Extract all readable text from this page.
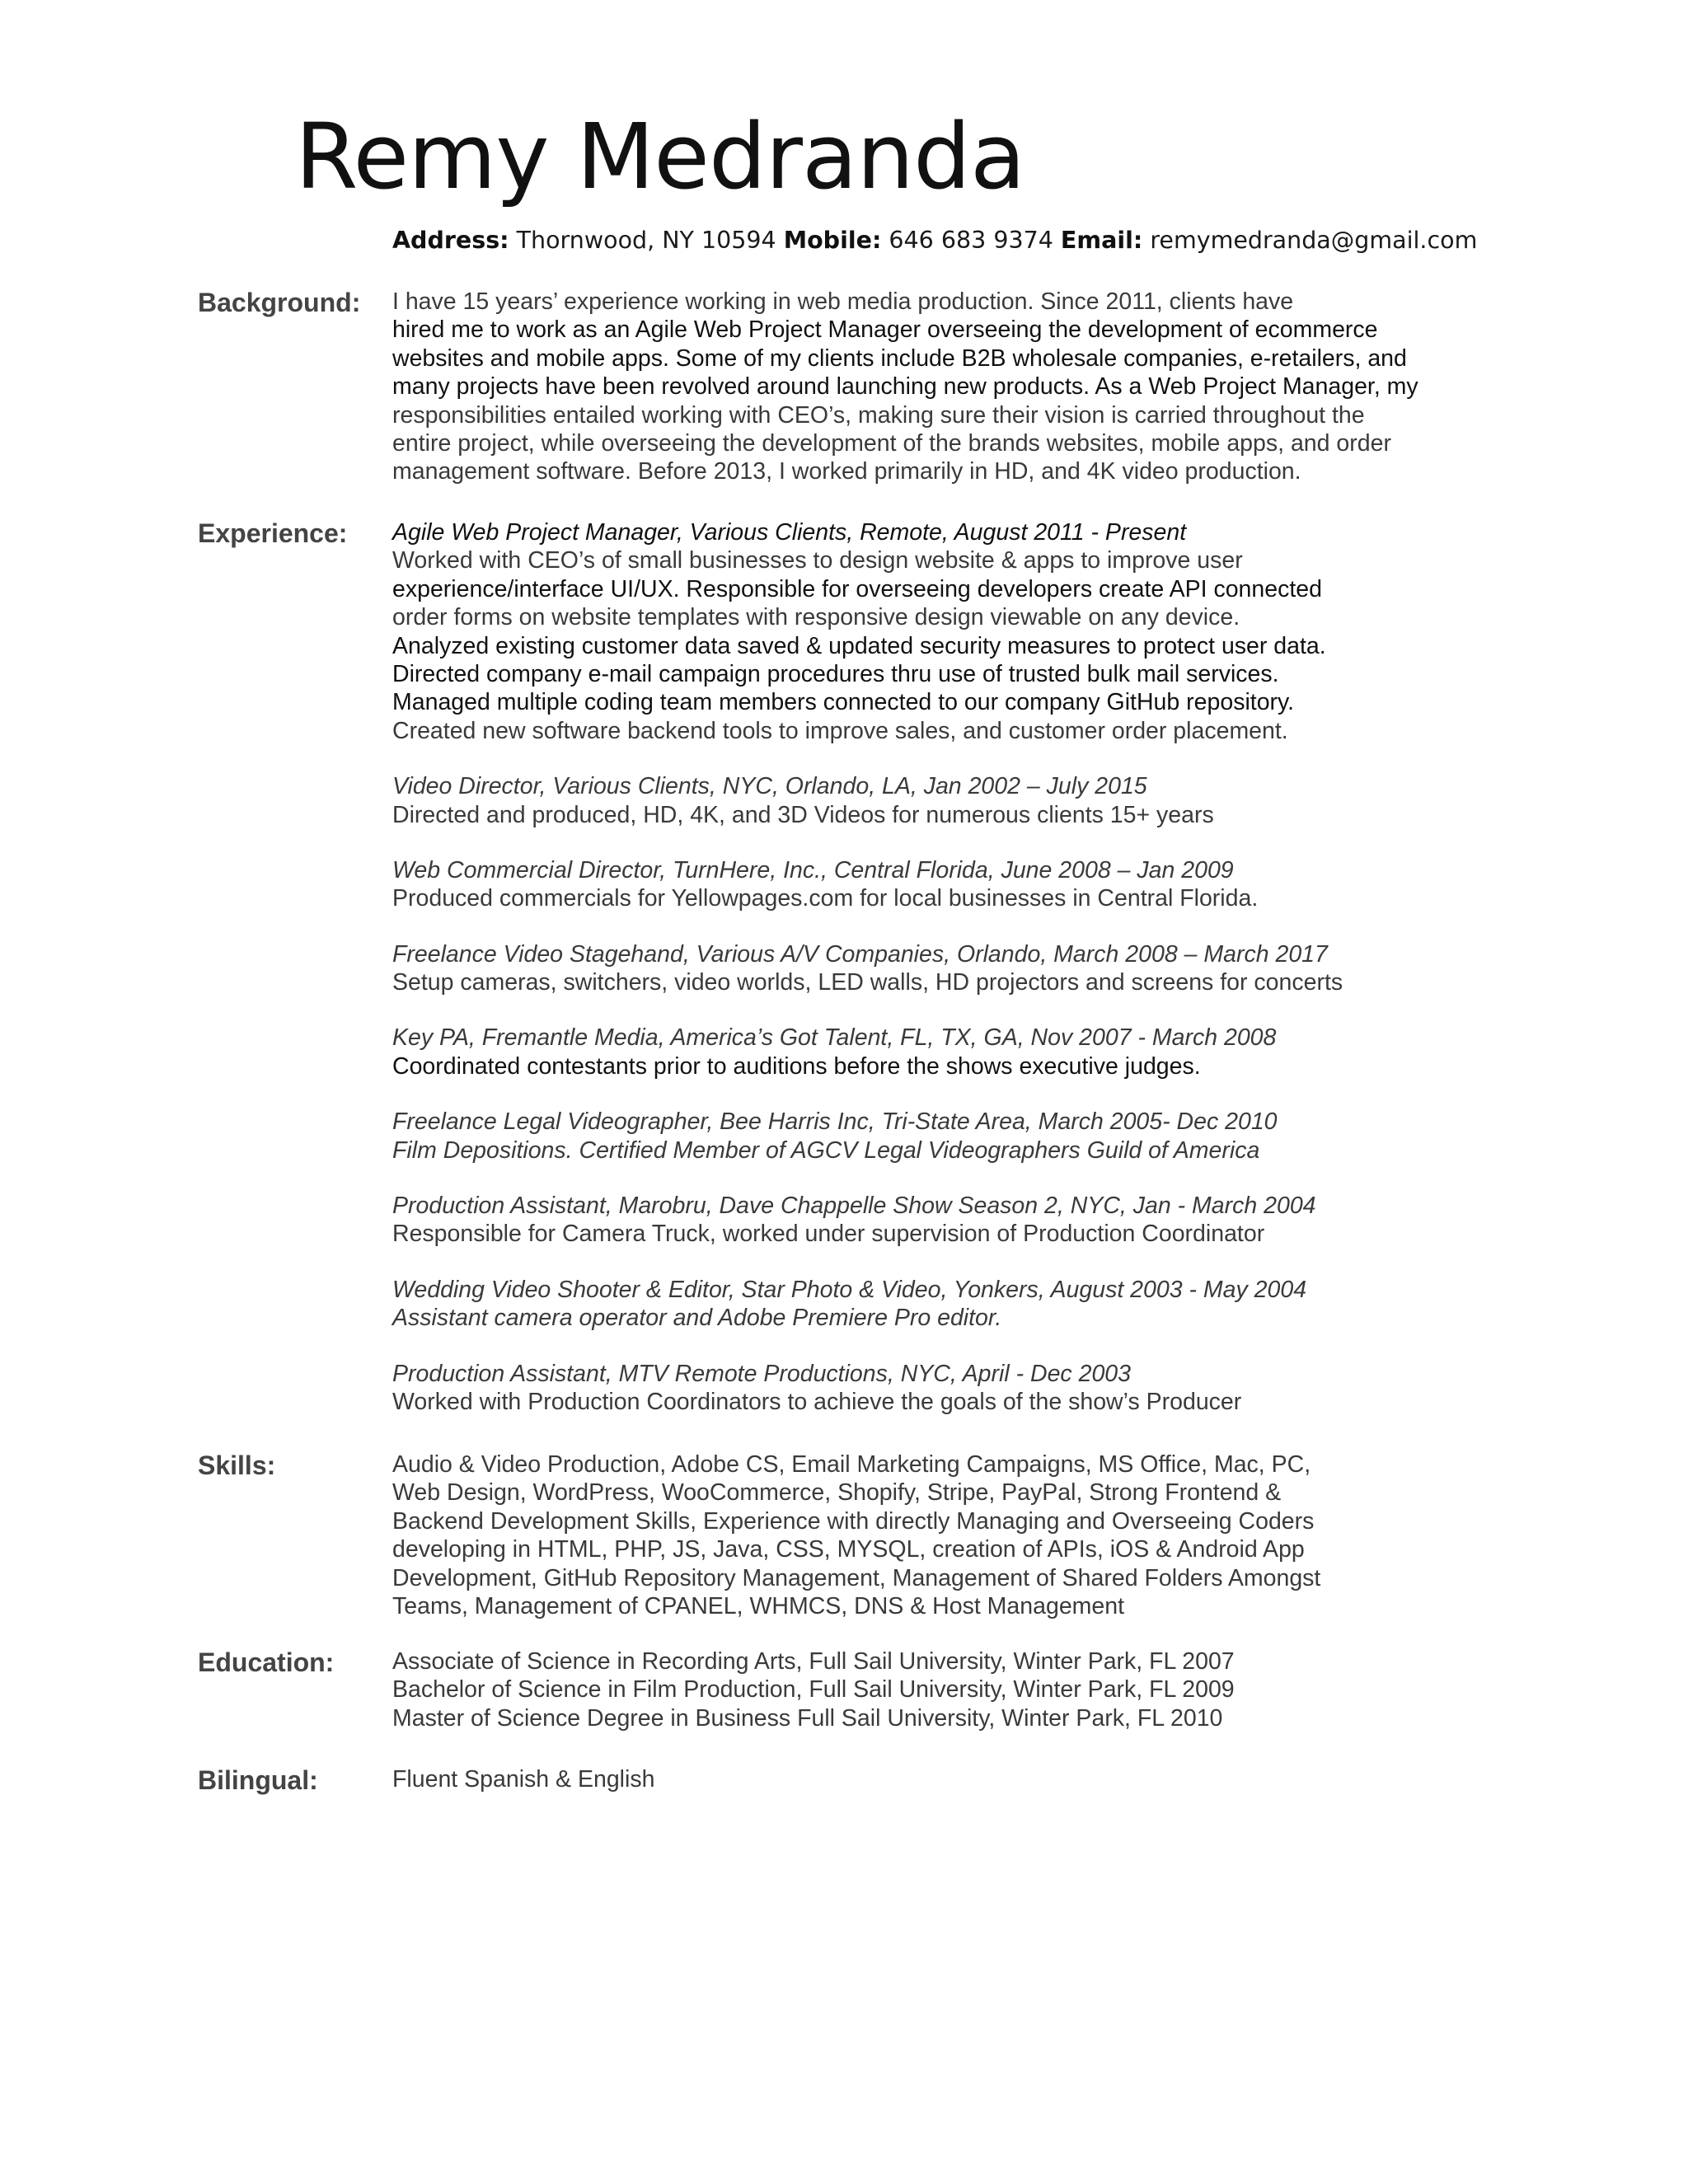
Remy Medranda
Address: Thornwood, NY 10594 Mobile: 646 683 9374 Email: remymedranda@gmail.com
Background: I have 15 years’ experience working in web media production. Since 2011, clients have
hired me to work as an Agile Web Project Manager overseeing the development of ecommerce
websites and mobile apps. Some of my clients include B2B wholesale companies, e-retailers, and
many projects have been revolved around launching new products. As a Web Project Manager, my
responsibilities entailed working with CEO’s, making sure their vision is carried throughout the
entire project, while overseeing the development of the brands websites, mobile apps, and order
management software. Before 2013, I worked primarily in HD, and 4K video production.
Experience: Agile Web Project Manager, Various Clients, Remote, August 2011 - Present
Worked with CEO’s of small businesses to design website & apps to improve user
experience/interface UI/UX. Responsible for overseeing developers create API connected
order forms on website templates with responsive design viewable on any device.
Analyzed existing customer data saved & updated security measures to protect user data.
Directed company e-mail campaign procedures thru use of trusted bulk mail services.
Managed multiple coding team members connected to our company GitHub repository.
Created new software backend tools to improve sales, and customer order placement.
Video Director, Various Clients, NYC, Orlando, LA, Jan 2002 – July 2015
Directed and produced, HD, 4K, and 3D Videos for numerous clients 15+ years
Web Commercial Director, TurnHere, Inc., Central Florida, June 2008 – Jan 2009
Produced commercials for Yellowpages.com for local businesses in Central Florida.
Freelance Video Stagehand, Various A/V Companies, Orlando, March 2008 – March 2017
Setup cameras, switchers, video worlds, LED walls, HD projectors and screens for concerts
Key PA, Fremantle Media, America’s Got Talent, FL, TX, GA, Nov 2007 - March 2008
Coordinated contestants prior to auditions before the shows executive judges.
Freelance Legal Videographer, Bee Harris Inc, Tri-State Area, March 2005- Dec 2010
Film Depositions. Certified Member of AGCV Legal Videographers Guild of America
Production Assistant, Marobru, Dave Chappelle Show Season 2, NYC, Jan - March 2004
Responsible for Camera Truck, worked under supervision of Production Coordinator
Wedding Video Shooter & Editor, Star Photo & Video, Yonkers, August 2003 - May 2004
Assistant camera operator and Adobe Premiere Pro editor.
Production Assistant, MTV Remote Productions, NYC, April - Dec 2003
Worked with Production Coordinators to achieve the goals of the show’s Producer
Skills:	Audio & Video Production, Adobe CS, Email Marketing Campaigns, MS Office, Mac, PC,
Web Design, WordPress, WooCommerce, Shopify, Stripe, PayPal, Strong Frontend &
Backend Development Skills, Experience with directly Managing and Overseeing Coders
developing in HTML, PHP, JS, Java, CSS, MYSQL, creation of APIs, iOS & Android App
Development, GitHub Repository Management, Management of Shared Folders Amongst
Teams, Management of CPANEL, WHMCS, DNS & Host Management
Education: Associate of Science in Recording Arts, Full Sail University, Winter Park, FL 2007
Bachelor of Science in Film Production, Full Sail University, Winter Park, FL 2009
Master of Science Degree in Business Full Sail University, Winter Park, FL 2010
Bilingual:	Fluent Spanish & English
